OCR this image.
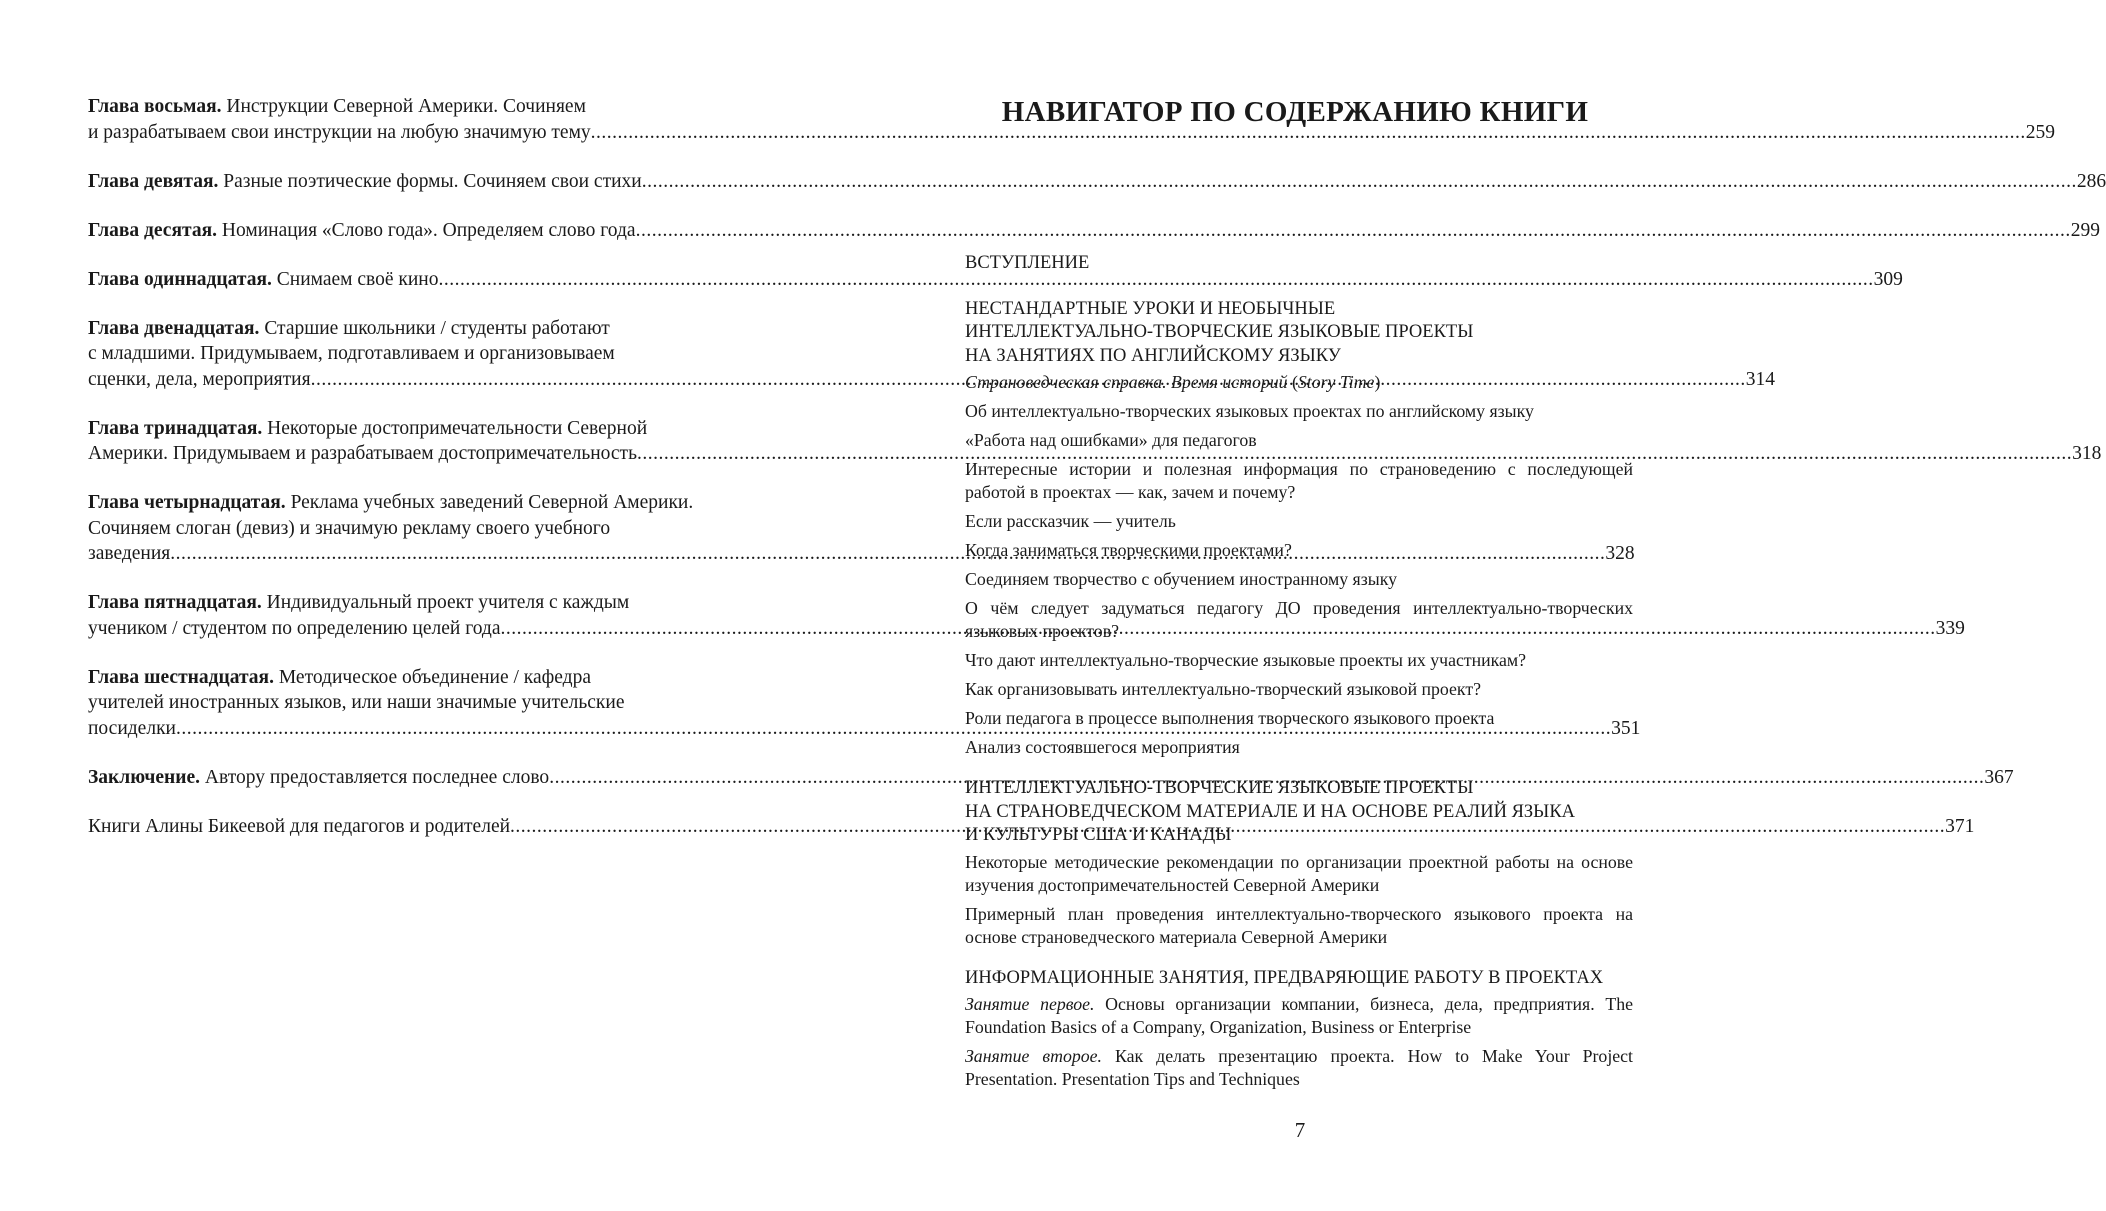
Глава восьмая. Инструкции Северной Америки. Сочиняем
и разрабатываем свои инструкции на любую значимую тему .....	259
Глава девятая. Разные поэтические формы. Сочиняем свои стихи .....	286
Глава десятая. Номинация «Слово года». Определяем слово года .....	299
Глава одиннадцатая. Снимаем своё кино .....	309
Глава двенадцатая. Старшие школьники / студенты работают
с младшими. Придумываем, подготавливаем и организовываем
сценки, дела, мероприятия .....	314
Глава тринадцатая. Некоторые достопримечательности Северной
Америки. Придумываем и разрабатываем достопримечательность .....	318
Глава четырнадцатая. Реклама учебных заведений Северной Америки.
Сочиняем слоган (девиз) и значимую рекламу своего учебного
заведения .....	328
Глава пятнадцатая. Индивидуальный проект учителя с каждым
учеником / студентом по определению целей года .....	339
Глава шестнадцатая. Методическое объединение / кафедра
учителей иностранных языков, или наши значимые учительские
посиделки .....	351
Заключение. Автору предоставляется последнее слово .....	367
Книги Алины Бикеевой для педагогов и родителей .....	371
НАВИГАТОР ПО СОДЕРЖАНИЮ КНИГИ
ВСТУПЛЕНИЕ
НЕСТАНДАРТНЫЕ УРОКИ И НЕОБЫЧНЫЕ
ИНТЕЛЛЕКТУАЛЬНО-ТВОРЧЕСКИЕ ЯЗЫКОВЫЕ ПРОЕКТЫ
НА ЗАНЯТИЯХ ПО АНГЛИЙСКОМУ ЯЗЫКУ
Страноведческая справка. Время историй (Story Time)
Об интеллектуально-творческих языковых проектах по английскому языку
«Работа над ошибками» для педагогов
Интересные истории и полезная информация по страноведению с последующей работой в проектах — как, зачем и почему?
Если рассказчик — учитель
Когда заниматься творческими проектами?
Соединяем творчество с обучением иностранному языку
О чём следует задуматься педагогу ДО проведения интеллектуально-творческих языковых проектов?
Что дают интеллектуально-творческие языковые проекты их участникам?
Как организовывать интеллектуально-творческий языковой проект?
Роли педагога в процессе выполнения творческого языкового проекта
Анализ состоявшегося мероприятия
ИНТЕЛЛЕКТУАЛЬНО-ТВОРЧЕСКИЕ ЯЗЫКОВЫЕ ПРОЕКТЫ
НА СТРАНОВЕДЧЕСКОМ МАТЕРИАЛЕ И НА ОСНОВЕ РЕАЛИЙ ЯЗЫКА
И КУЛЬТУРЫ США И КАНАДЫ
Некоторые методические рекомендации по организации проектной работы на основе изучения достопримечательностей Северной Америки
Примерный план проведения интеллектуально-творческого языкового проекта на основе страноведческого материала Северной Америки
ИНФОРМАЦИОННЫЕ ЗАНЯТИЯ, ПРЕДВАРЯЮЩИЕ РАБОТУ В ПРОЕКТАХ
Занятие первое. Основы организации компании, бизнеса, дела, предприятия. The Foundation Basics of a Company, Organization, Business or Enterprise
Занятие второе. Как делать презентацию проекта. How to Make Your Project Presentation. Presentation Tips and Techniques
7
